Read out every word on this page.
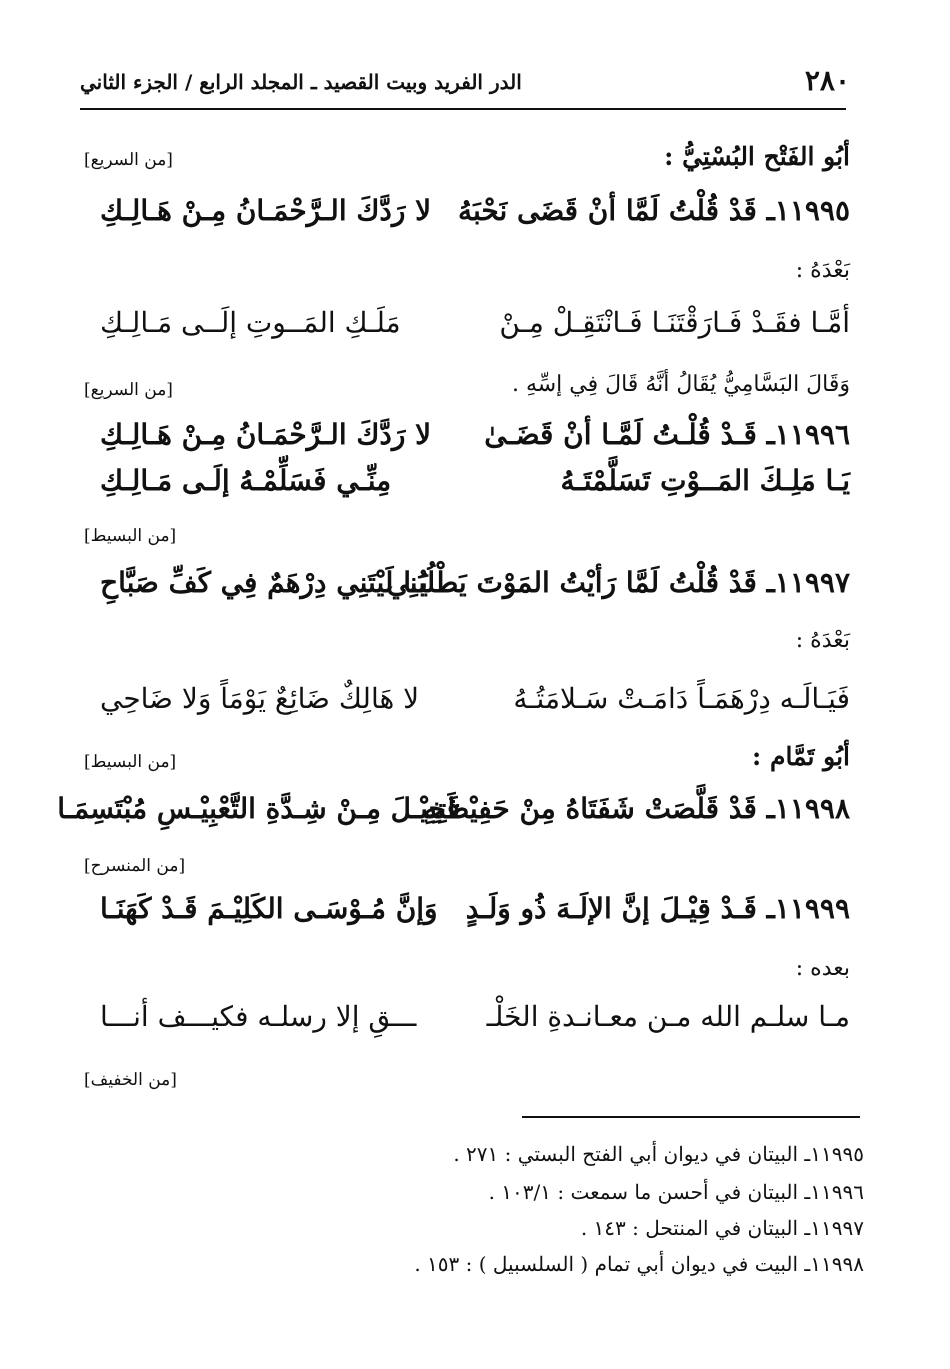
٢٨٠
الدر الفريد وبيت القصيد ـ المجلد الرابع / الجزء الثاني
أبُو الفَتْح البُسْتِيُّ :
[من السريع]
١١٩٩٥ـ قَدْ قُلْتُ لَمَّا أنْ قَضَى نَحْبَهُ
لا رَدَّكَ الـرَّحْمَـانُ مِـنْ هَـالِـكِ
بَعْدَهُ :
أمَّـا فقَـدْ فَـارَقْتَنَـا فَـانْتَقِـلْ مِـنْ
مَلَـكِ المَــوتِ إلَــى مَـالِـكِ
وَقَالَ البَسَّامِيُّ يُقَالُ أنَّهُ قَالَ فِي إسِّهِ .
[من السريع]
١١٩٩٦ـ قَـدْ قُلْـتُ لَمَّـا أنْ قَضَـىٰ
لا رَدَّكَ الـرَّحْمَـانُ مِـنْ هَـالِـكِ
يَـا مَلِـكَ المَــوْتِ تَسَلَّمْتَـهُ
مِنِّـي فَسَلِّمْـهُ إلَـى مَـالِـكِ
[من البسيط]
١١٩٩٧ـ قَدْ قُلْتُ لَمَّا رَأيْتُ المَوْتَ يَطْلُبُنِي
يَـا لَيْتَنِي دِرْهَمٌ فِي كَفِّ صَبَّاحِ
بَعْدَهُ :
فَيَـالَـه دِرْهَمَـاً دَامَـتْ سَـلامَتُـهُ
لا هَالِكٌ ضَائِعٌ يَوْمَاً وَلا ضَاحِي
أبُو تَمَّام :
[من البسيط]
١١٩٩٨ـ قَدْ قَلَّصَتْ شَفَتَاهُ مِنْ حَفِيْظَتِهِ
فَخِيْـلَ مِـنْ شِـدَّةِ التَّعْبِيْـسِ مُبْتَسِمَـا
[من المنسرح]
١١٩٩٩ـ قَـدْ قِيْـلَ إنَّ الإلَـهَ ذُو وَلَـدٍ
وَإنَّ مُـوْسَـى الكَلِيْـمَ قَـدْ كَهَنَـا
بعده :
مـا سلـم الله مـن معـانـدةِ الخَلْـ
ـــقِ إلا رسلـه فكيـــف أنـــا
[من الخفيف]
١١٩٩٥ـ البيتان في ديوان أبي الفتح البستي : ٢٧١ .
١١٩٩٦ـ البيتان في أحسن ما سمعت : ١٠٣/١ .
١١٩٩٧ـ البيتان في المنتحل : ١٤٣ .
١١٩٩٨ـ البيت في ديوان أبي تمام ( السلسبيل ) : ١٥٣ .
